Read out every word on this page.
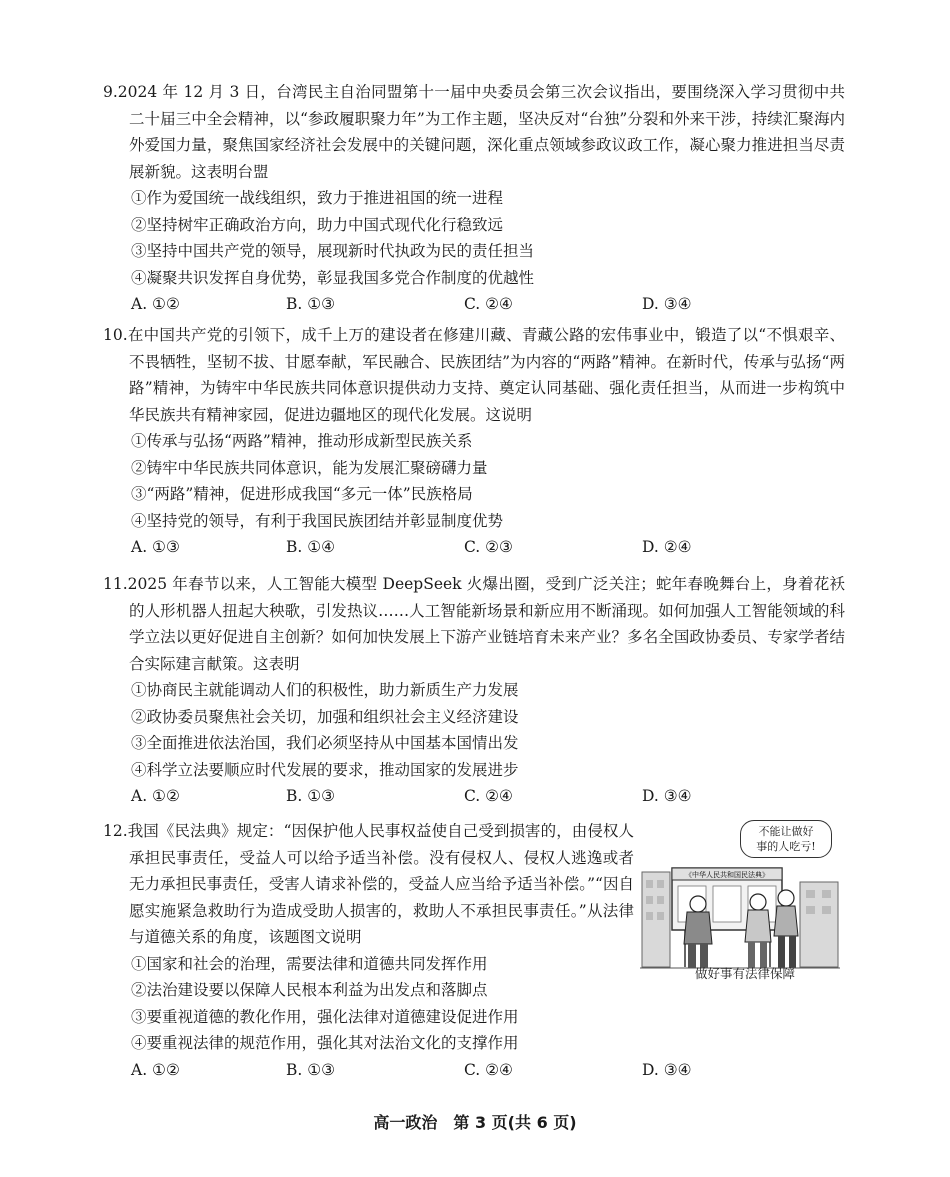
9.2024 年 12 月 3 日，台湾民主自治同盟第十一届中央委员会第三次会议指出，要围绕深入学习贯彻中共二十届三中全会精神，以“参政履职聚力年”为工作主题，坚决反对“台独”分裂和外来干涉，持续汇聚海内外爱国力量，聚焦国家经济社会发展中的关键问题，深化重点领域参政议政工作，凝心聚力推进担当尽责展新貌。这表明台盟
①作为爱国统一战线组织，致力于推进祖国的统一进程
②坚持树牢正确政治方向，助力中国式现代化行稳致远
③坚持中国共产党的领导，展现新时代执政为民的责任担当
④凝聚共识发挥自身优势，彰显我国多党合作制度的优越性
A. ①②	B. ①③	C. ②④	D. ③④
10.在中国共产党的引领下，成千上万的建设者在修建川藏、青藏公路的宏伟事业中，锻造了以“不惧艰辛、不畏牺牲，坚韧不拔、甘愿奉献，军民融合、民族团结”为内容的“两路”精神。在新时代，传承与弘扬“两路”精神，为铸牢中华民族共同体意识提供动力支持、奠定认同基础、强化责任担当，从而进一步构筑中华民族共有精神家园，促进边疆地区的现代化发展。这说明
①传承与弘扬“两路”精神，推动形成新型民族关系
②铸牢中华民族共同体意识，能为发展汇聚磅礴力量
③“两路”精神，促进形成我国“多元一体”民族格局
④坚持党的领导，有利于我国民族团结并彰显制度优势
A. ①③	B. ①④	C. ②③	D. ②④
11.2025 年春节以来，人工智能大模型 DeepSeek 火爆出圈，受到广泛关注；蛇年春晚舞台上，身着花袄的人形机器人扭起大秧歌，引发热议……人工智能新场景和新应用不断涌现。如何加强人工智能领域的科学立法以更好促进自主创新？如何加快发展上下游产业链培育未来产业？多名全国政协委员、专家学者结合实际建言献策。这表明
①协商民主就能调动人们的积极性，助力新质生产力发展
②政协委员聚焦社会关切，加强和组织社会主义经济建设
③全面推进依法治国，我们必须坚持从中国基本国情出发
④科学立法要顺应时代发展的要求，推动国家的发展进步
A. ①②	B. ①③	C. ②④	D. ③④
12.我国《民法典》规定：“因保护他人民事权益使自己受到损害的，由侵权人承担民事责任，受益人可以给予适当补偿。没有侵权人、侵权人逃逸或者无力承担民事责任，受害人请求补偿的，受益人应当给予适当补偿。”“因自愿实施紧急救助行为造成受助人损害的，救助人不承担民事责任。”从法律与道德关系的角度，该题图文说明
①国家和社会的治理，需要法律和道德共同发挥作用
②法治建设要以保障人民根本利益为出发点和落脚点
③要重视道德的教化作用，强化法律对道德建设促进作用
④要重视法律的规范作用，强化其对法治文化的支撑作用
A. ①②	B. ①③	C. ②④	D. ③④
《中华人民共和国民法典》
不能让做好
事的人吃亏!
做好事有法律保障
高一政治　第 3 页(共 6 页)
